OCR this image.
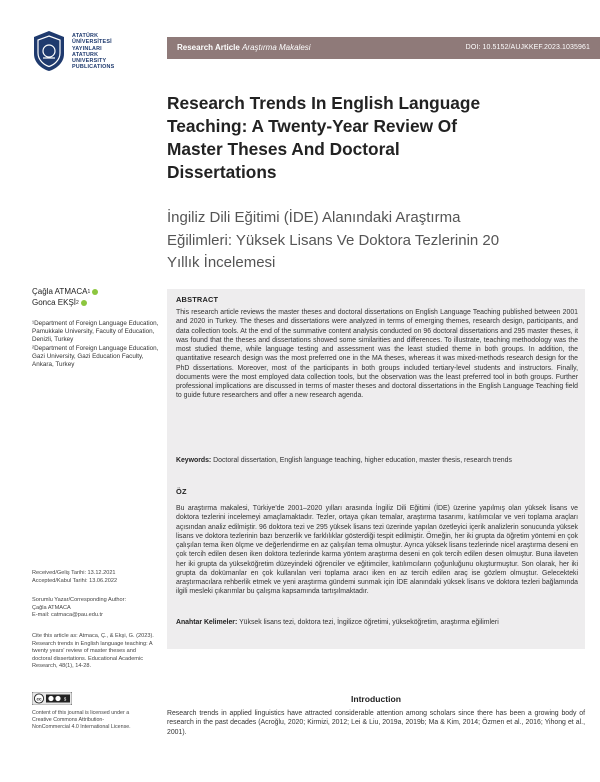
ATATÜRK
ÜNİVERSİTESİ
YAYINLARI
ATATURK
UNIVERSITY
PUBLICATIONS
Research Article Araştırma Makalesi	DOI: 10.5152/AUJKKEF.2023.1035961
Research Trends In English Language Teaching: A Twenty-Year Review Of Master Theses And Doctoral Dissertations
İngiliz Dili Eğitimi (İDE) Alanındaki Araştırma Eğilimleri: Yüksek Lisans Ve Doktora Tezlerinin 20 Yıllık İncelemesi
Çağla ATMACA 1
Gonca EKŞİ 2
¹Department of Foreign Language Education, Pamukkale University, Faculty of Education, Denizli, Turkey
²Department of Foreign Language Education, Gazi University, Gazi Education Faculty, Ankara, Turkey
Received/Geliş Tarihi: 13.12.2021
Accepted/Kabul Tarihi: 13.06.2022
Sorumlu Yazar/Corresponding Author:
Çağla ATMACA
E-mail: catmaca@pau.edu.tr
Cite this article as: Atmaca, Ç., & Ekşi, G. (2023). Research trends in English language teaching: A twenty years' review of master theses and doctoral dissertations. Educational Academic Research, 48(1), 14-28.
cc	$
Content of this journal is licensed under a Creative Commons Attribution-NonCommercial 4.0 International License.
ABSTRACT
This research article reviews the master theses and doctoral dissertations on English Language Teaching published between 2001 and 2020 in Turkey. The theses and dissertations were analyzed in terms of emerging themes, research design, participants, and data collection tools. At the end of the summative content analysis conducted on 96 doctoral dissertations and 295 master theses, it was found that the theses and dissertations showed some similarities and differences. To illustrate, teaching methodology was the most studied theme, while language testing and assessment was the least studied theme in both groups. In addition, the quantitative research design was the most preferred one in the MA theses, whereas it was mixed-methods research design for the PhD dissertations. Moreover, most of the participants in both groups included tertiary-level students and instructors. Finally, documents were the most employed data collection tools, but the observation was the least preferred tool in both groups. Further professional implications are discussed in terms of master theses and doctoral dissertations in the English Language Teaching field to guide future researchers and offer a new research agenda.
Keywords: Doctoral dissertation, English language teaching, higher education, master thesis, research trends
ÖZ
Bu araştırma makalesi, Türkiye'de 2001–2020 yılları arasında İngiliz Dili Eğitimi (İDE) üzerine yapılmış olan yüksek lisans ve doktora tezlerini incelemeyi amaçlamaktadır. Tezler, ortaya çıkan temalar, araştırma tasarımı, katılımcılar ve veri toplama araçları açısından analiz edilmiştir. 96 doktora tezi ve 295 yüksek lisans tezi üzerinde yapılan özetleyici içerik analizlerin sonucunda yüksek lisans ve doktora tezlerinin bazı benzerlik ve farklılıklar gösterdiği tespit edilmiştir. Örneğin, her iki grupta da öğretim yöntemi en çok çalışılan tema iken ölçme ve değerlendirme en az çalışılan tema olmuştur. Ayrıca yüksek lisans tezlerinde nicel araştırma deseni en çok tercih edilen desen iken doktora tezlerinde karma yöntem araştırma deseni en çok tercih edilen desen olmuştur. Buna ilaveten her iki grupta da yükseköğretim düzeyindeki öğrenciler ve eğitimciler, katılımcıların çoğunluğunu oluşturmuştur. Son olarak, her iki grupta da dokümanlar en çok kullanılan veri toplama aracı iken en az tercih edilen araç ise gözlem olmuştur. Gelecekteki araştırmacılara rehberlik etmek ve yeni araştırma gündemi sunmak için İDE alanındaki yüksek lisans ve doktora tezleri bağlamında ilgili mesleki çıkarımlar bu çalışma kapsamında tartışılmaktadır.
Anahtar Kelimeler: Yüksek lisans tezi, doktora tezi, İngilizce öğretimi, yükseköğretim, araştırma eğilimleri
Introduction
Research trends in applied linguistics have attracted considerable attention among scholars since there has been a growing body of research in the past decades (Acroğlu, 2020; Kirmizi, 2012; Lei & Liu, 2019a, 2019b; Ma & Kim, 2014; Özmen et al., 2016; Yihong et al., 2001).
